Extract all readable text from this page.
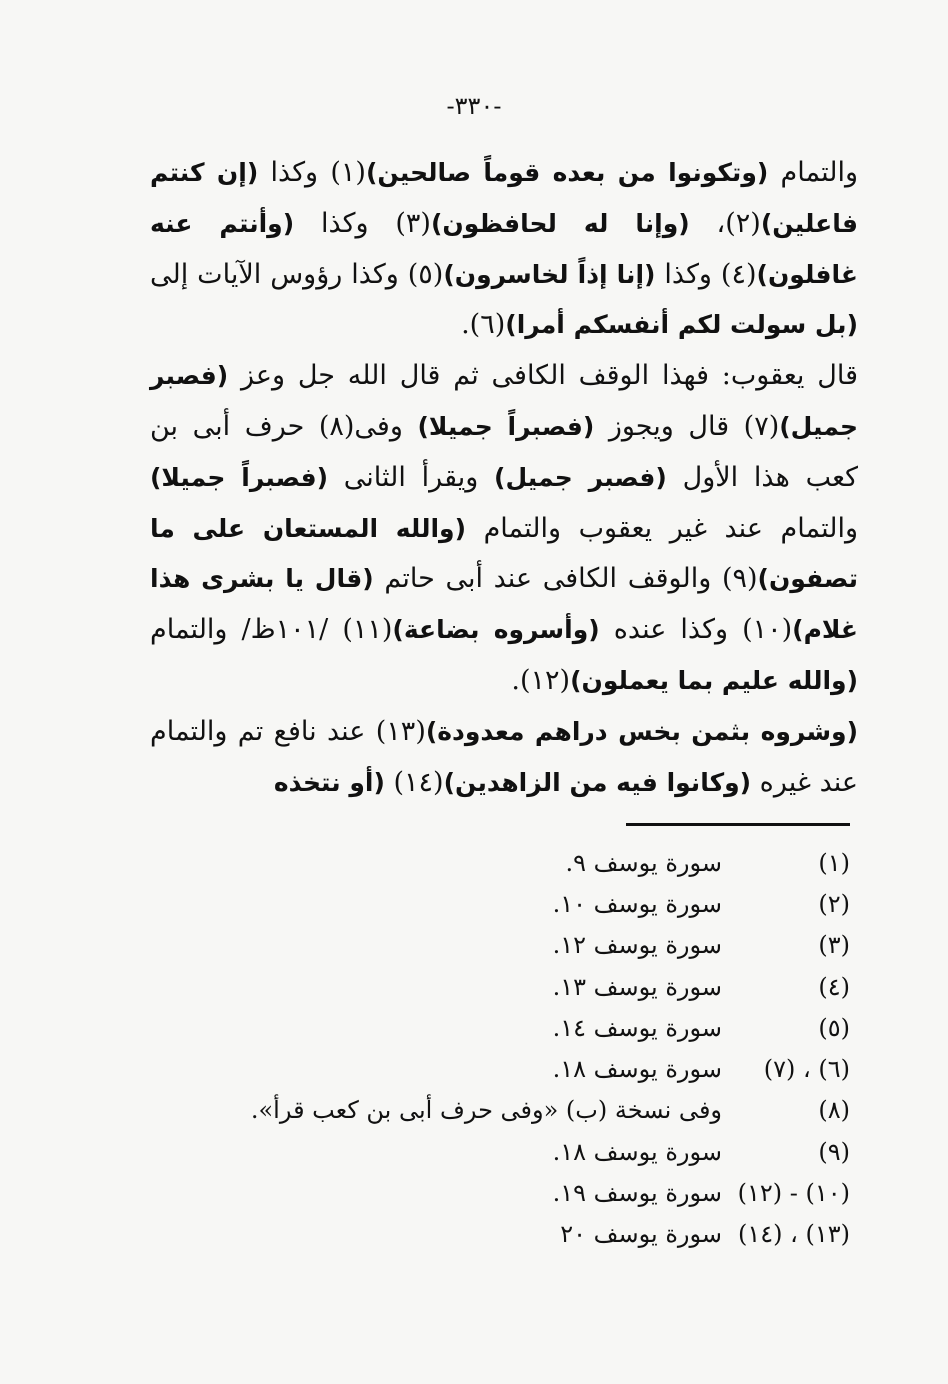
-٣٣٠-

والتمام (وتكونوا من بعده قوماً صالحين)(١) وكذا (إن كنتم فاعلين)(٢)، (وإنا له لحافظون)(٣) وكذا (وأنتم عنه غافلون)(٤) وكذا (إنا إذاً لخاسرون)(٥) وكذا رؤوس الآيات إلى (بل سولت لكم أنفسكم أمرا)(٦).

قال يعقوب: فهذا الوقف الكافى ثم قال الله جل وعز (فصبر جميل)(٧) قال ويجوز (فصبراً جميلا) وفى(٨) حرف أبى بن كعب هذا الأول (فصبر جميل) ويقرأ الثانى (فصبراً جميلا) والتمام عند غير يعقوب والتمام (والله المستعان على ما تصفون)(٩) والوقف الكافى عند أبى حاتم (قال يا بشرى هذا غلام)(١٠) وكذا عنده (وأسروه بضاعة)(١١) /١٠١ظ/ والتمام (والله عليم بما يعملون)(١٢).

(وشروه بثمن بخس دراهم معدودة)(١٣) عند نافع تم والتمام عند غيره (وكانوا فيه من الزاهدين)(١٤) (أو نتخذه

(١)
سورة يوسف ٩.
(٢)
سورة يوسف ١٠.
(٣)
سورة يوسف ١٢.
(٤)
سورة يوسف ١٣.
(٥)
سورة يوسف ١٤.
(٦) ، (٧)
سورة يوسف ١٨.
(٨)
وفى نسخة (ب) «وفى حرف أبى بن كعب قرأ».
(٩)
سورة يوسف ١٨.
(١٠) - (١٢)
سورة يوسف ١٩.
(١٣) ، (١٤)
سورة يوسف ٢٠
